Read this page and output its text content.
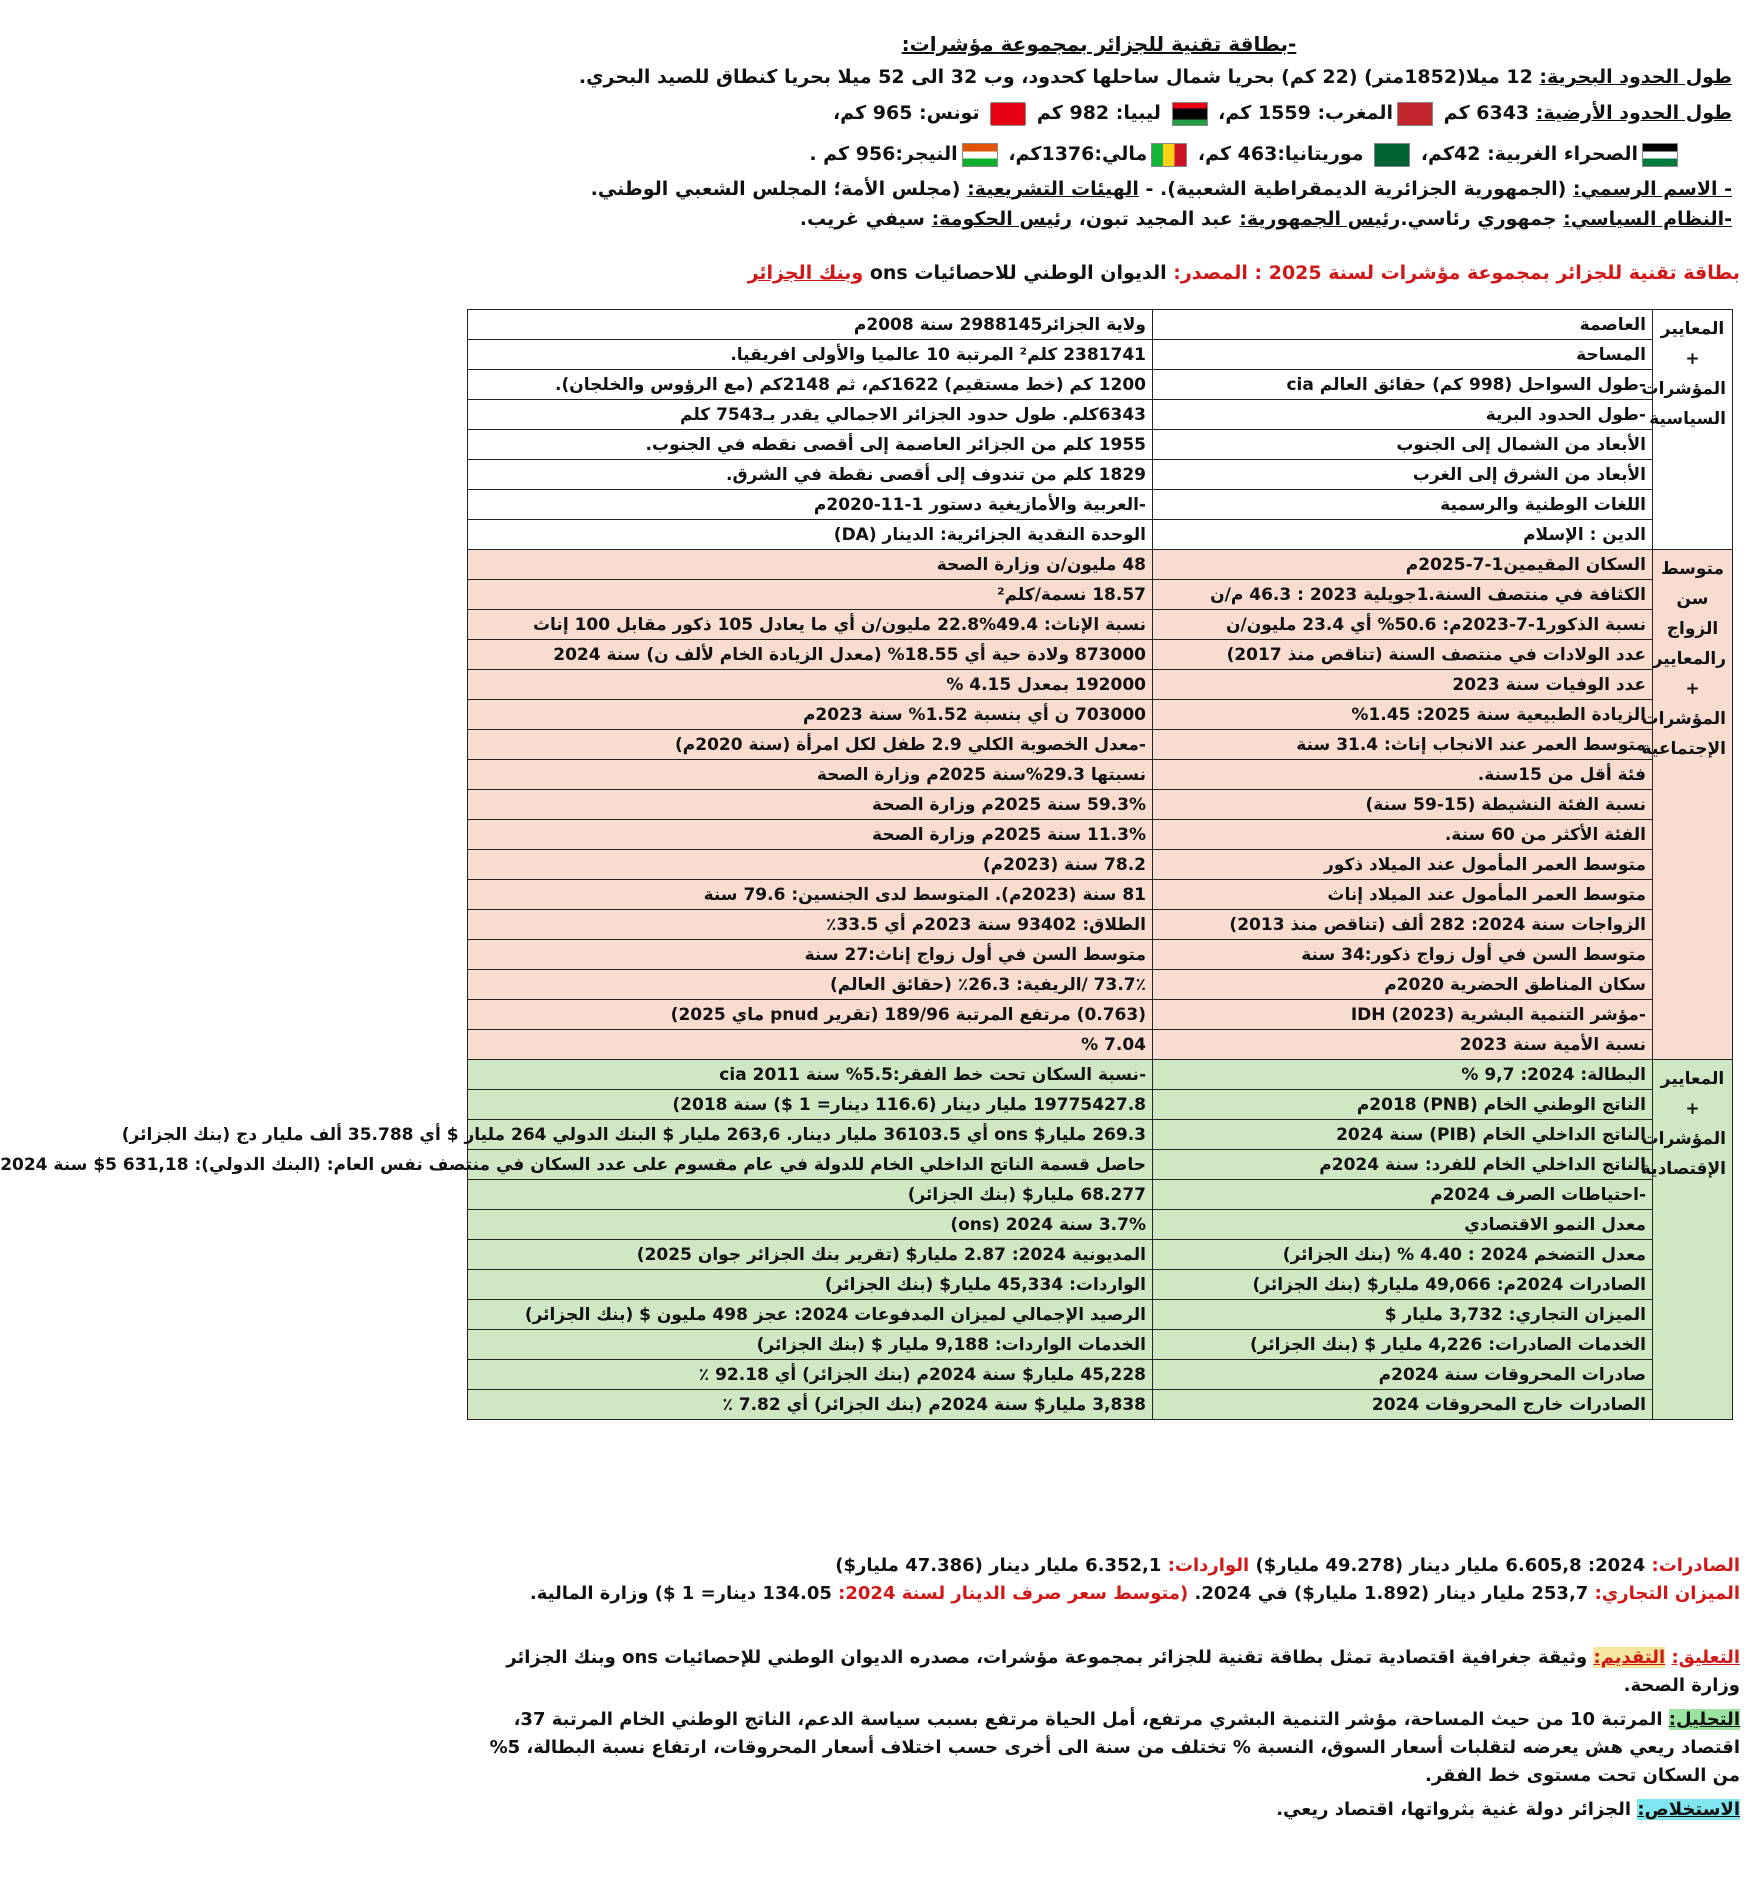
-بطاقة تقنية للجزائر بمجموعة مؤشرات:
طول الحدود البحرية: 12 ميلا(1852متر) (22 كم) بحريا شمال ساحلها كحدود، وب 32 الى 52 ميلا بحريا كنطاق للصيد البحري.
طول الحدود الأرضية: 6343 كم المغرب: 1559 كم،  ليبيا: 982 كم  تونس: 965 كم،
الصحراء الغربية: 42كم،  موريتانيا:463 كم، مالي:1376كم، النيجر:956 كم .
- الاسم الرسمي: (الجمهورية الجزائرية الديمقراطية الشعبية). - الهيئات التشريعية: (مجلس الأمة؛ المجلس الشعبي الوطني.
-النظام السياسي: جمهوري رئاسي.رئيس الجمهورية: عبد المجيد تبون، رئيس الحكومة: سيفي غريب.
بطاقة تقنية للجزائر بمجموعة مؤشرات لسنة 2025 : المصدر: الديوان الوطني للاحصائيات ons وبنك الجزائر
المعايير + المؤشرات السياسية	العاصمة	ولاية الجزائر2988145 سنة 2008م
	المساحة	2381741 كلم² المرتبة 10 عالميا والأولى افريقيا.
	-طول السواحل (998 كم) حقائق العالم cia	1200 كم (خط مستقيم) 1622كم، ثم 2148كم (مع الرؤوس والخلجان).
	-طول الحدود البرية	6343كلم. طول حدود الجزائر الاجمالي يقدر بـ7543 كلم
	الأبعاد من الشمال إلى الجنوب	1955 كلم من الجزائر العاصمة إلى أقصى نقطه في الجنوب.
	الأبعاد من الشرق إلى الغرب	1829 كلم من تندوف إلى أقصى نقطة في الشرق.
	اللغات الوطنية والرسمية	-العربية والأمازيغية دستور 1-11-2020م
	الدين : الإسلام	الوحدة النقدية الجزائرية: الدينار (DA)
متوسط سن الزواج رالمعايير + المؤشرات الإجتماعية	السكان المقيمين1-7-2025م	48 مليون/ن وزارة الصحة
	الكثافة في منتصف السنة.1جويلية 2023 : 46.3 م/ن	18.57 نسمة/كلم²
	نسبة الذكور1-7-2023م: 50.6% أي 23.4 مليون/ن	نسبة الإناث: 49.4%22.8 مليون/ن أي ما يعادل 105 ذكور مقابل 100 إناث
	عدد الولادات في منتصف السنة (تناقص منذ 2017)	873000 ولادة حية أي 18.55% (معدل الزيادة الخام لألف ن) سنة 2024
	عدد الوفيات سنة 2023	192000 بمعدل 4.15 %
	الزيادة الطبيعية سنة 2025: 1.45%	703000 ن أي بنسبة 1.52% سنة 2023م
	متوسط العمر عند الانجاب إناث: 31.4 سنة	-معدل الخصوبة الكلي 2.9 طفل لكل امرأة (سنة 2020م)
	فئة أقل من 15سنة.	نسبتها 29.3%سنة 2025م وزارة الصحة
	نسبة الفئة النشيطة (15-59 سنة)	59.3% سنة 2025م وزارة الصحة
	الفئة الأكثر من 60 سنة.	11.3% سنة 2025م وزارة الصحة
	متوسط العمر المأمول عند الميلاد ذكور	78.2 سنة (2023م)
	متوسط العمر المأمول عند الميلاد إناث	81 سنة (2023م). المتوسط لدى الجنسين: 79.6 سنة
	الزواجات سنة 2024: 282 ألف (تناقص منذ 2013)	الطلاق: 93402 سنة 2023م أي 33.5٪
	متوسط السن في أول زواج ذكور:34 سنة	متوسط السن في أول زواج إناث:27 سنة
	سكان المناطق الحضرية 2020م	73.7٪ /الريفية: 26.3٪ (حقائق العالم)
	-مؤشر التنمية البشرية IDH (2023)	(0.763) مرتفع المرتبة 189/96 (تقرير pnud ماي 2025)
	نسبة الأمية سنة 2023	7.04 %
المعايير + المؤشرات الإقتصادية	البطالة: 2024: 9,7 %	-نسبة السكان تحت خط الفقر:5.5% سنة 2011 cia
	الناتج الوطني الخام (PNB) 2018م	19775427.8 مليار دينار (116.6 دينار= 1 $) سنة 2018)
	الناتج الداخلي الخام (PIB) سنة 2024	269.3 مليار$ ons أي 36103.5 مليار دينار. 263,6 مليار $ البنك الدولي 264 مليار $ أي 35.788 ألف مليار دج (بنك الجزائر)
	الناتج الداخلي الخام للفرد: سنة 2024م	حاصل قسمة الناتج الداخلي الخام للدولة في عام مقسوم على عدد السكان في منتصف نفس العام: (البنك الدولي): 631,18 5$ سنة 2024
	-احتياطات الصرف 2024م	68.277 مليار$ (بنك الجزائر)
	معدل النمو الاقتصادي	3.7% سنة 2024 (ons)
	معدل التضخم 2024 : 4.40 % (بنك الجزائر)	المديونية 2024: 2.87 مليار$ (تقرير بنك الجزائر جوان 2025)
	الصادرات 2024م: 49,066 مليار$ (بنك الجزائر)	الواردات: 45,334 مليار$ (بنك الجزائر)
	الميزان التجاري: 3,732 مليار $	الرصيد الإجمالي لميزان المدفوعات 2024: عجز 498 مليون $ (بنك الجزائر)
	الخدمات الصادرات: 4,226 مليار $ (بنك الجزائر)	الخدمات الواردات: 9,188 مليار $ (بنك الجزائر)
	صادرات المحروقات سنة 2024م	45,228 مليار$ سنة 2024م (بنك الجزائر) أي 92.18 ٪
	الصادرات خارج المحروقات 2024	3,838 مليار$ سنة 2024م (بنك الجزائر) أي 7.82 ٪
الصادرات: 2024: 6.605,8 مليار دينار (49.278 مليار$) الواردات: 6.352,1 مليار دينار (47.386 مليار$)
الميزان التجاري: 253,7 مليار دينار (1.892 مليار$) في 2024. (متوسط سعر صرف الدينار لسنة 2024: 134.05 دينار= 1 $) وزارة المالية.
التعليق: التقديم: وثيقة جغرافية اقتصادية تمثل بطاقة تقنية للجزائر بمجموعة مؤشرات، مصدره الديوان الوطني للإحصائيات ons وبنك الجزائر
وزارة الصحة.
التحليل: المرتبة 10 من حيث المساحة، مؤشر التنمية البشري مرتفع، أمل الحياة مرتفع بسبب سياسة الدعم، الناتج الوطني الخام المرتبة 37،
اقتصاد ريعي هش يعرضه لتقلبات أسعار السوق، النسبة % تختلف من سنة الى أخرى حسب اختلاف أسعار المحروقات، ارتفاع نسبة البطالة، 5%
من السكان تحت مستوى خط الفقر.
الاستخلاص: الجزائر دولة غنية بثرواتها، اقتصاد ريعي.
